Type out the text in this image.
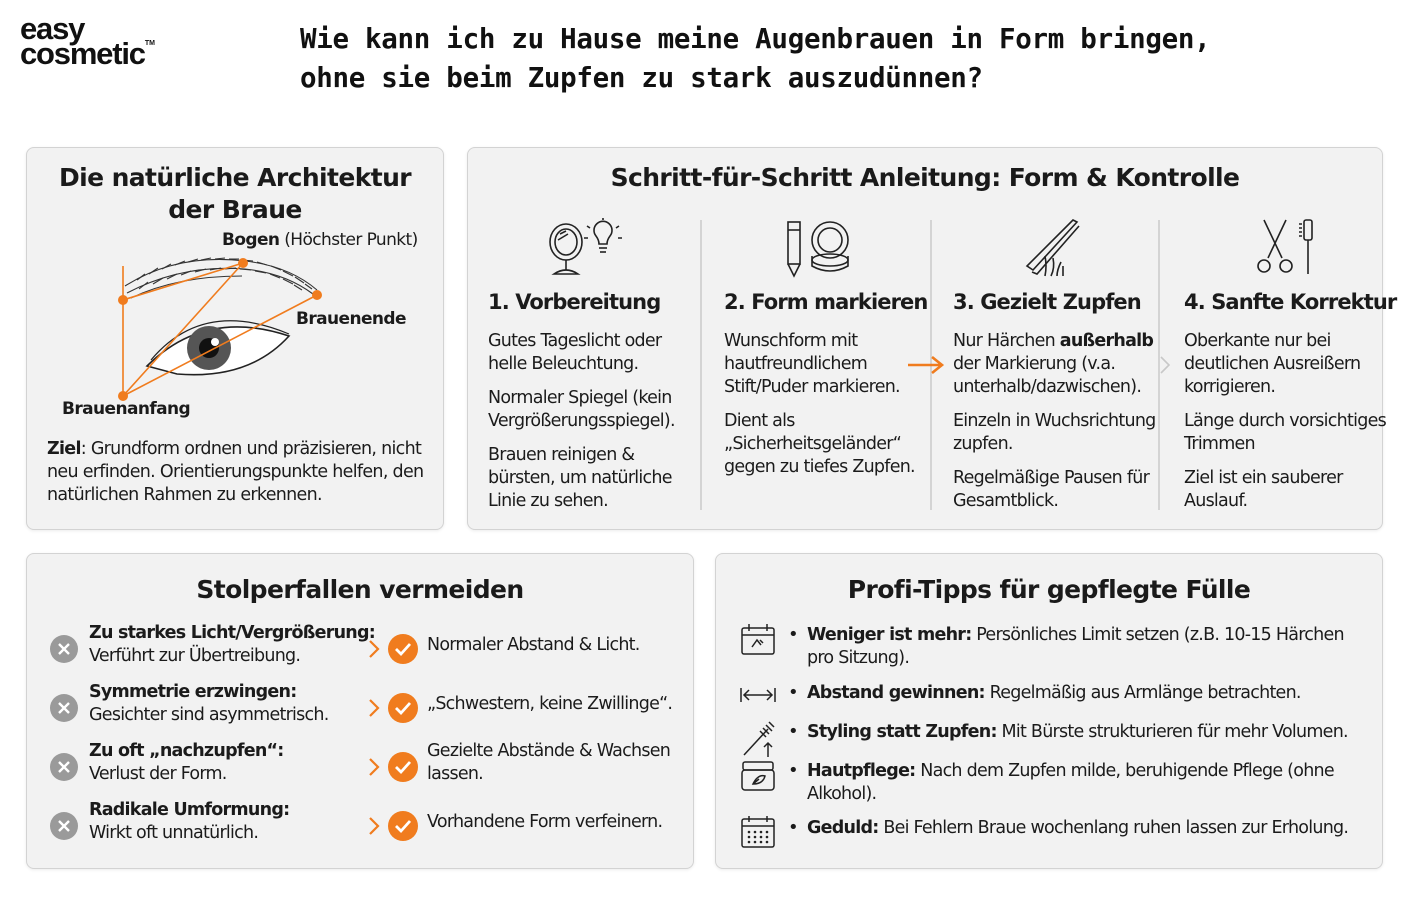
easy
cosmetic™	Wie kann ich zu Hause meine Augenbrauen in Form bringen,
ohne sie beim Zupfen zu stark auszudünnen?
Die natürliche Architektur
der Braue
Bogen (Höchster Punkt)
Brauenende
Brauenanfang
Ziel: Grundform ordnen und präzisieren, nicht neu erfinden. Orientierungspunkte helfen, den natürlichen Rahmen zu erkennen.
Schritt-für-Schritt Anleitung: Form & Kontrolle
1. Vorbereitung

Gutes Tageslicht oder helle Beleuchtung.

Normaler Spiegel (kein Vergrößerungsspiegel).

Brauen reinigen & bürsten, um natürliche Linie zu sehen.

2. Form markieren

Wunschform mit hautfreundlichem Stift/Puder markieren.

Dient als „Sicherheitsgeländer“ gegen zu tiefes Zupfen.

3. Gezielt Zupfen

Nur Härchen außerhalb der Markierung (v.a. unterhalb/dazwischen).

Einzeln in Wuchsrichtung zupfen.

Regelmäßige Pausen für Gesamtblick.

4. Sanfte Korrektur

Oberkante nur bei deutlichen Ausreißern korrigieren.

Länge durch vorsichtiges Trimmen

Ziel ist ein sauberer Auslauf.

Stolperfallen vermeiden
Zu starkes Licht/Vergrößerung:
Verführt zur Übertreibung.
Normaler Abstand & Licht.
Symmetrie erzwingen:
Gesichter sind asymmetrisch.
„Schwestern, keine Zwillinge“.
Zu oft „nachzupfen“:
Verlust der Form.
Gezielte Abstände & Wachsen lassen.
Radikale Umformung:
Wirkt oft unnatürlich.
Vorhandene Form verfeinern.
Profi-Tipps für gepflegte Fülle
• Weniger ist mehr: Persönliches Limit setzen (z.B. 10-15 Härchen pro Sitzung).
• Abstand gewinnen: Regelmäßig aus Armlänge betrachten.
• Styling statt Zupfen: Mit Bürste strukturieren für mehr Volumen.
• Hautpflege: Nach dem Zupfen milde, beruhigende Pflege (ohne Alkohol).
• Geduld: Bei Fehlern Braue wochenlang ruhen lassen zur Erholung.
